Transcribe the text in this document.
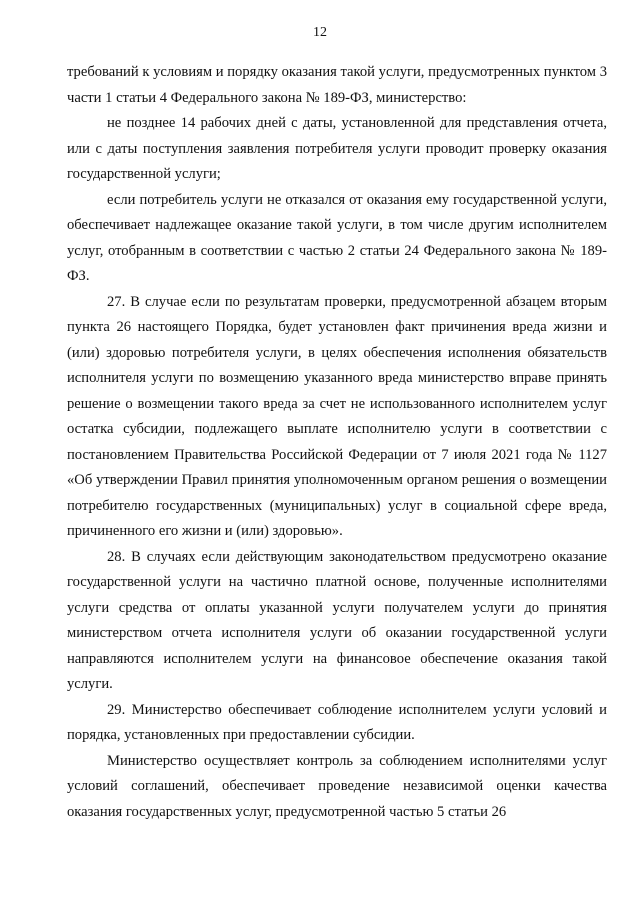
12

требований к условиям и порядку оказания такой услуги, предусмотренных пунктом 3 части 1 статьи 4 Федерального закона № 189-ФЗ, министерство:

не позднее 14 рабочих дней с даты, установленной для представления отчета, или с даты поступления заявления потребителя услуги проводит проверку оказания государственной услуги;

если потребитель услуги не отказался от оказания ему государственной услуги, обеспечивает надлежащее оказание такой услуги, в том числе другим исполнителем услуг, отобранным в соответствии с частью 2 статьи 24 Федерального закона № 189-ФЗ.

27. В случае если по результатам проверки, предусмотренной абзацем вторым пункта 26 настоящего Порядка, будет установлен факт причинения вреда жизни и (или) здоровью потребителя услуги, в целях обеспечения исполнения обязательств исполнителя услуги по возмещению указанного вреда министерство вправе принять решение о возмещении такого вреда за счет не использованного исполнителем услуг остатка субсидии, подлежащего выплате исполнителю услуги в соответствии с постановлением Правительства Российской Федерации от 7 июля 2021 года № 1127 «Об утверждении Правил принятия уполномоченным органом решения о возмещении потребителю государственных (муниципальных) услуг в социальной сфере вреда, причиненного его жизни и (или) здоровью».

28. В случаях если действующим законодательством предусмотрено оказание государственной услуги на частично платной основе, полученные исполнителями услуги средства от оплаты указанной услуги получателем услуги до принятия министерством отчета исполнителя услуги об оказании государственной услуги направляются исполнителем услуги на финансовое обеспечение оказания такой услуги.

29. Министерство обеспечивает соблюдение исполнителем услуги условий и порядка, установленных при предоставлении субсидии.

Министерство осуществляет контроль за соблюдением исполнителями услуг условий соглашений, обеспечивает проведение независимой оценки качества оказания государственных услуг, предусмотренной частью 5 статьи 26
